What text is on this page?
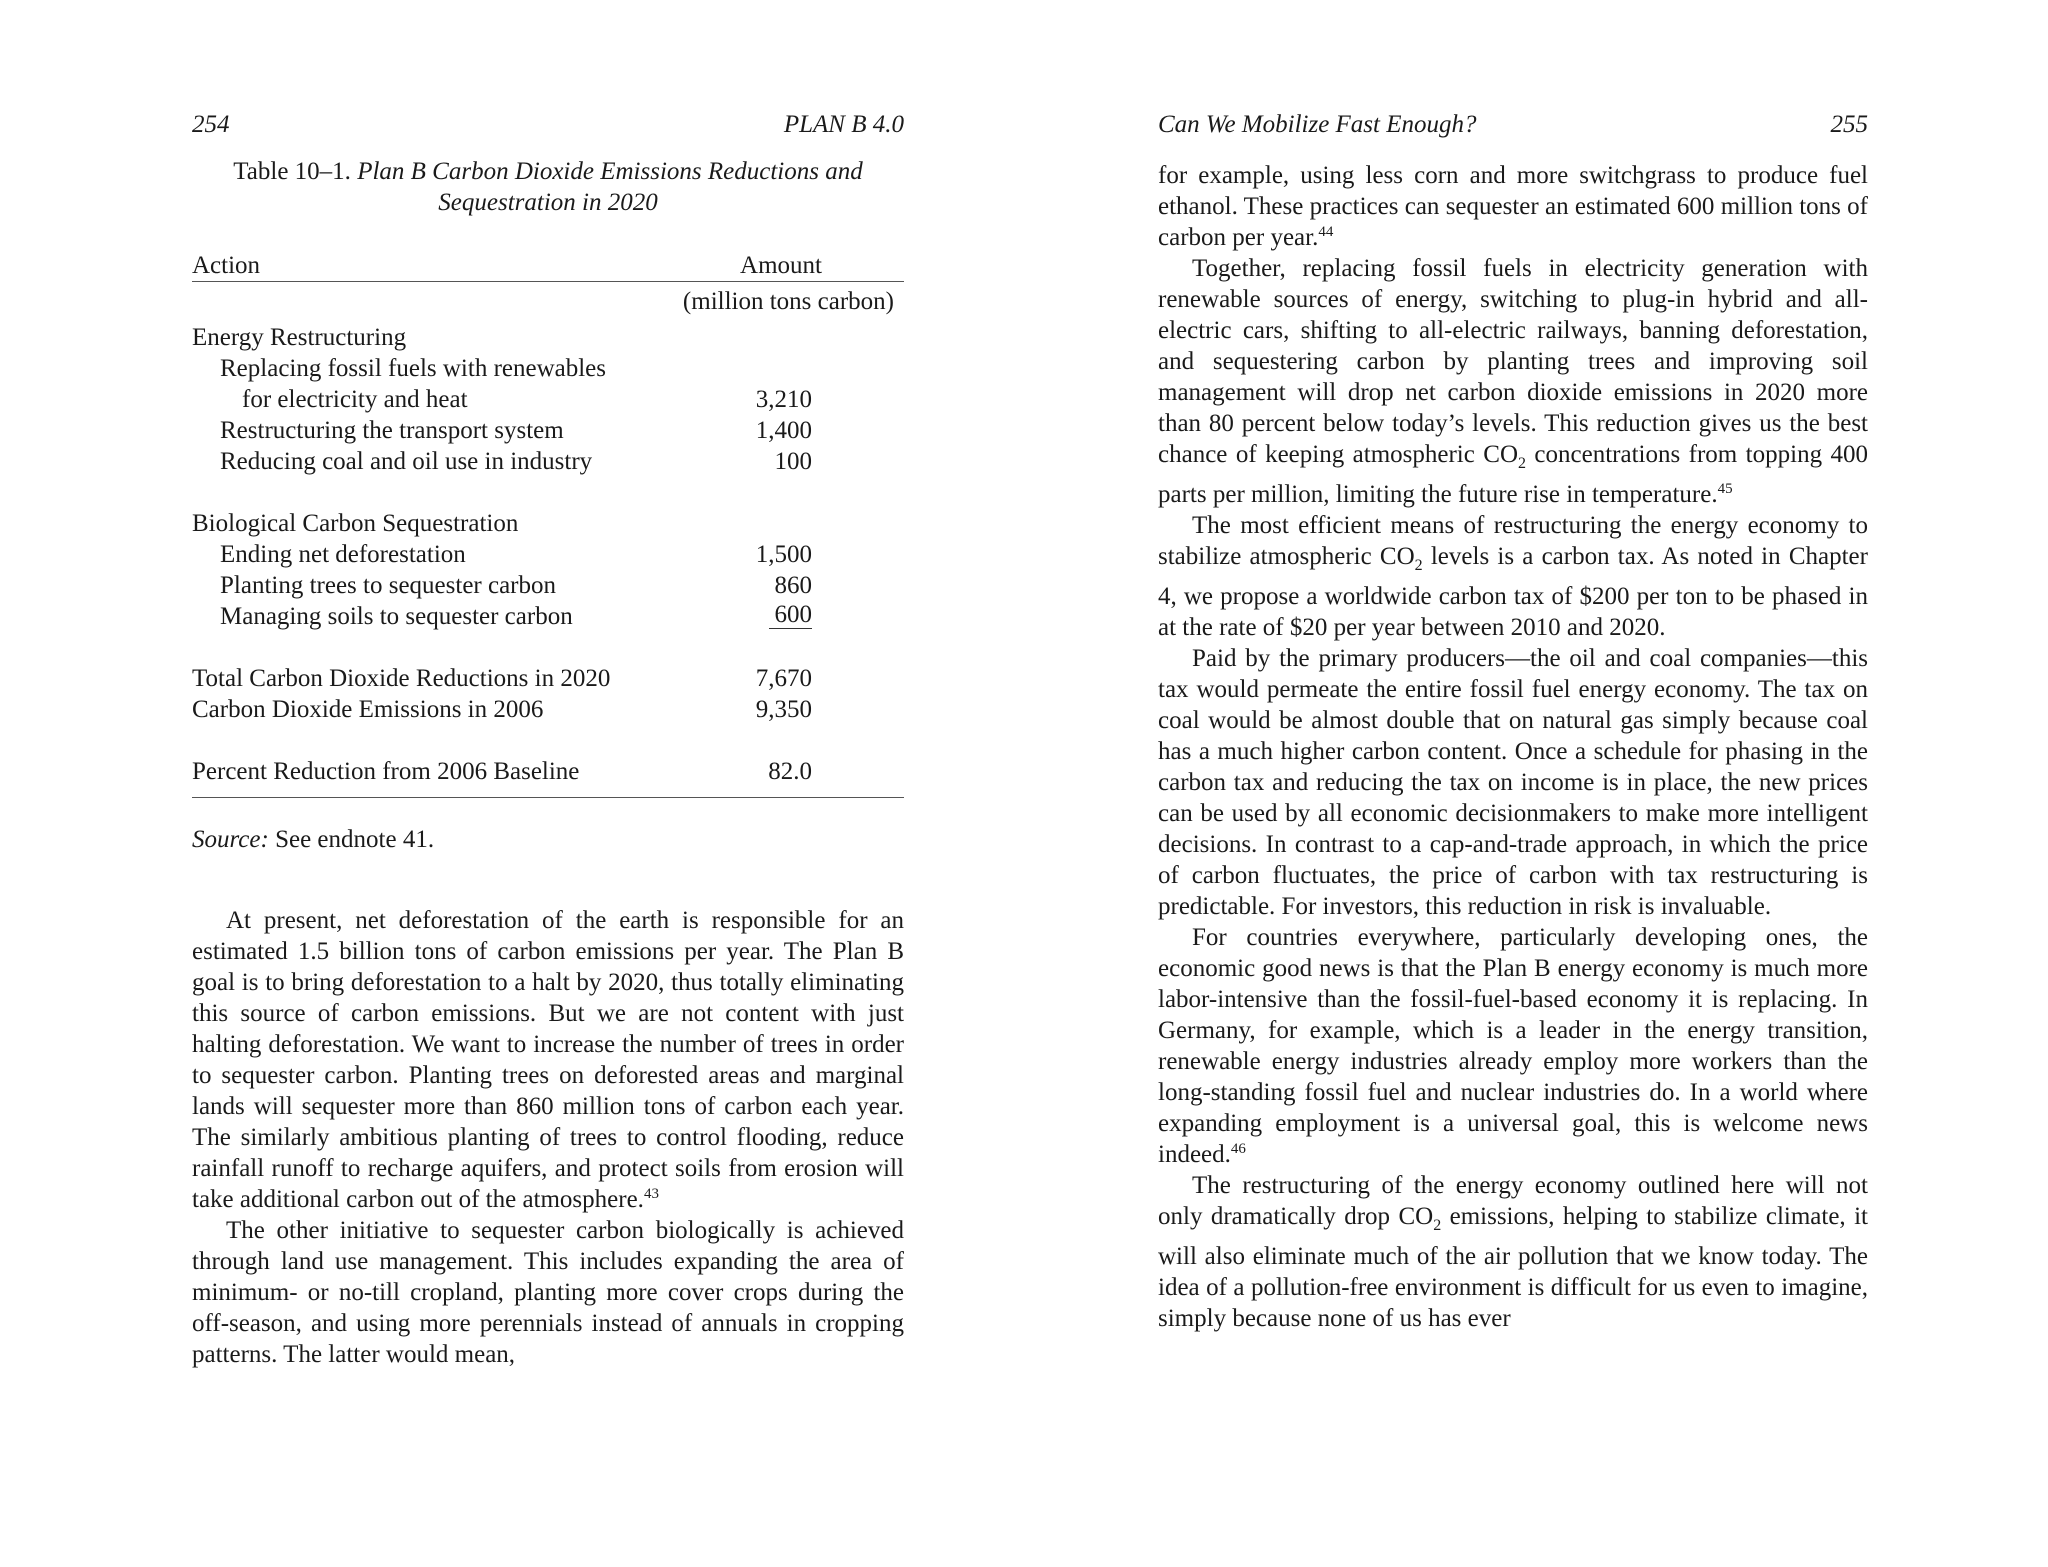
254	PLAN B 4.0
Table 10–1. Plan B Carbon Dioxide Emissions Reductions and
Sequestration in 2020
Action	Amount
(million tons carbon)
Energy Restructuring
Replacing fossil fuels with renewables
for electricity and heat	3,210
Restructuring the transport system	1,400
Reducing coal and oil use in industry	100
Biological Carbon Sequestration
Ending net deforestation	1,500
Planting trees to sequester carbon	860
Managing soils to sequester carbon	600
Total Carbon Dioxide Reductions in 2020	7,670
Carbon Dioxide Emissions in 2006	9,350
Percent Reduction from 2006 Baseline	82.0
Source: See endnote 41.

At present, net deforestation of the earth is responsible for an estimated 1.5 billion tons of carbon emissions per year. The Plan B goal is to bring deforestation to a halt by 2020, thus totally eliminating this source of carbon emissions. But we are not content with just halting deforestation. We want to increase the number of trees in order to sequester carbon. Planting trees on deforested areas and marginal lands will sequester more than 860 million tons of carbon each year. The similarly ambitious planting of trees to control flooding, reduce rainfall runoff to recharge aquifers, and protect soils from erosion will take additional carbon out of the atmosphere.$^{43}$

The other initiative to sequester carbon biologically is achieved through land use management. This includes expanding the area of minimum- or no-till cropland, planting more cover crops during the off-season, and using more perennials instead of annuals in cropping patterns. The latter would mean,

Can We Mobilize Fast Enough?	255

for example, using less corn and more switchgrass to produce fuel ethanol. These practices can sequester an estimated 600 million tons of carbon per year.$^{44}$

Together, replacing fossil fuels in electricity generation with renewable sources of energy, switching to plug-in hybrid and all-electric cars, shifting to all-electric railways, banning deforestation, and sequestering carbon by planting trees and improving soil management will drop net carbon dioxide emissions in 2020 more than 80 percent below today’s levels. This reduction gives us the best chance of keeping atmospheric $CO_2$ concentrations from topping 400 parts per million, limiting the future rise in temperature.$^{45}$

The most efficient means of restructuring the energy economy to stabilize atmospheric $CO_2$ levels is a carbon tax. As noted in Chapter 4, we propose a worldwide carbon tax of $200 per ton to be phased in at the rate of $20 per year between 2010 and 2020.

Paid by the primary producers—the oil and coal companies—this tax would permeate the entire fossil fuel energy economy. The tax on coal would be almost double that on natural gas simply because coal has a much higher carbon content. Once a schedule for phasing in the carbon tax and reducing the tax on income is in place, the new prices can be used by all economic decisionmakers to make more intelligent decisions. In contrast to a cap-and-trade approach, in which the price of carbon fluctuates, the price of carbon with tax restructuring is predictable. For investors, this reduction in risk is invaluable.

For countries everywhere, particularly developing ones, the economic good news is that the Plan B energy economy is much more labor-intensive than the fossil-fuel-based economy it is replacing. In Germany, for example, which is a leader in the energy transition, renewable energy industries already employ more workers than the long-standing fossil fuel and nuclear industries do. In a world where expanding employment is a universal goal, this is welcome news indeed.$^{46}$

The restructuring of the energy economy outlined here will not only dramatically drop $CO_2$ emissions, helping to stabilize climate, it will also eliminate much of the air pollution that we know today. The idea of a pollution-free environment is difficult for us even to imagine, simply because none of us has ever
